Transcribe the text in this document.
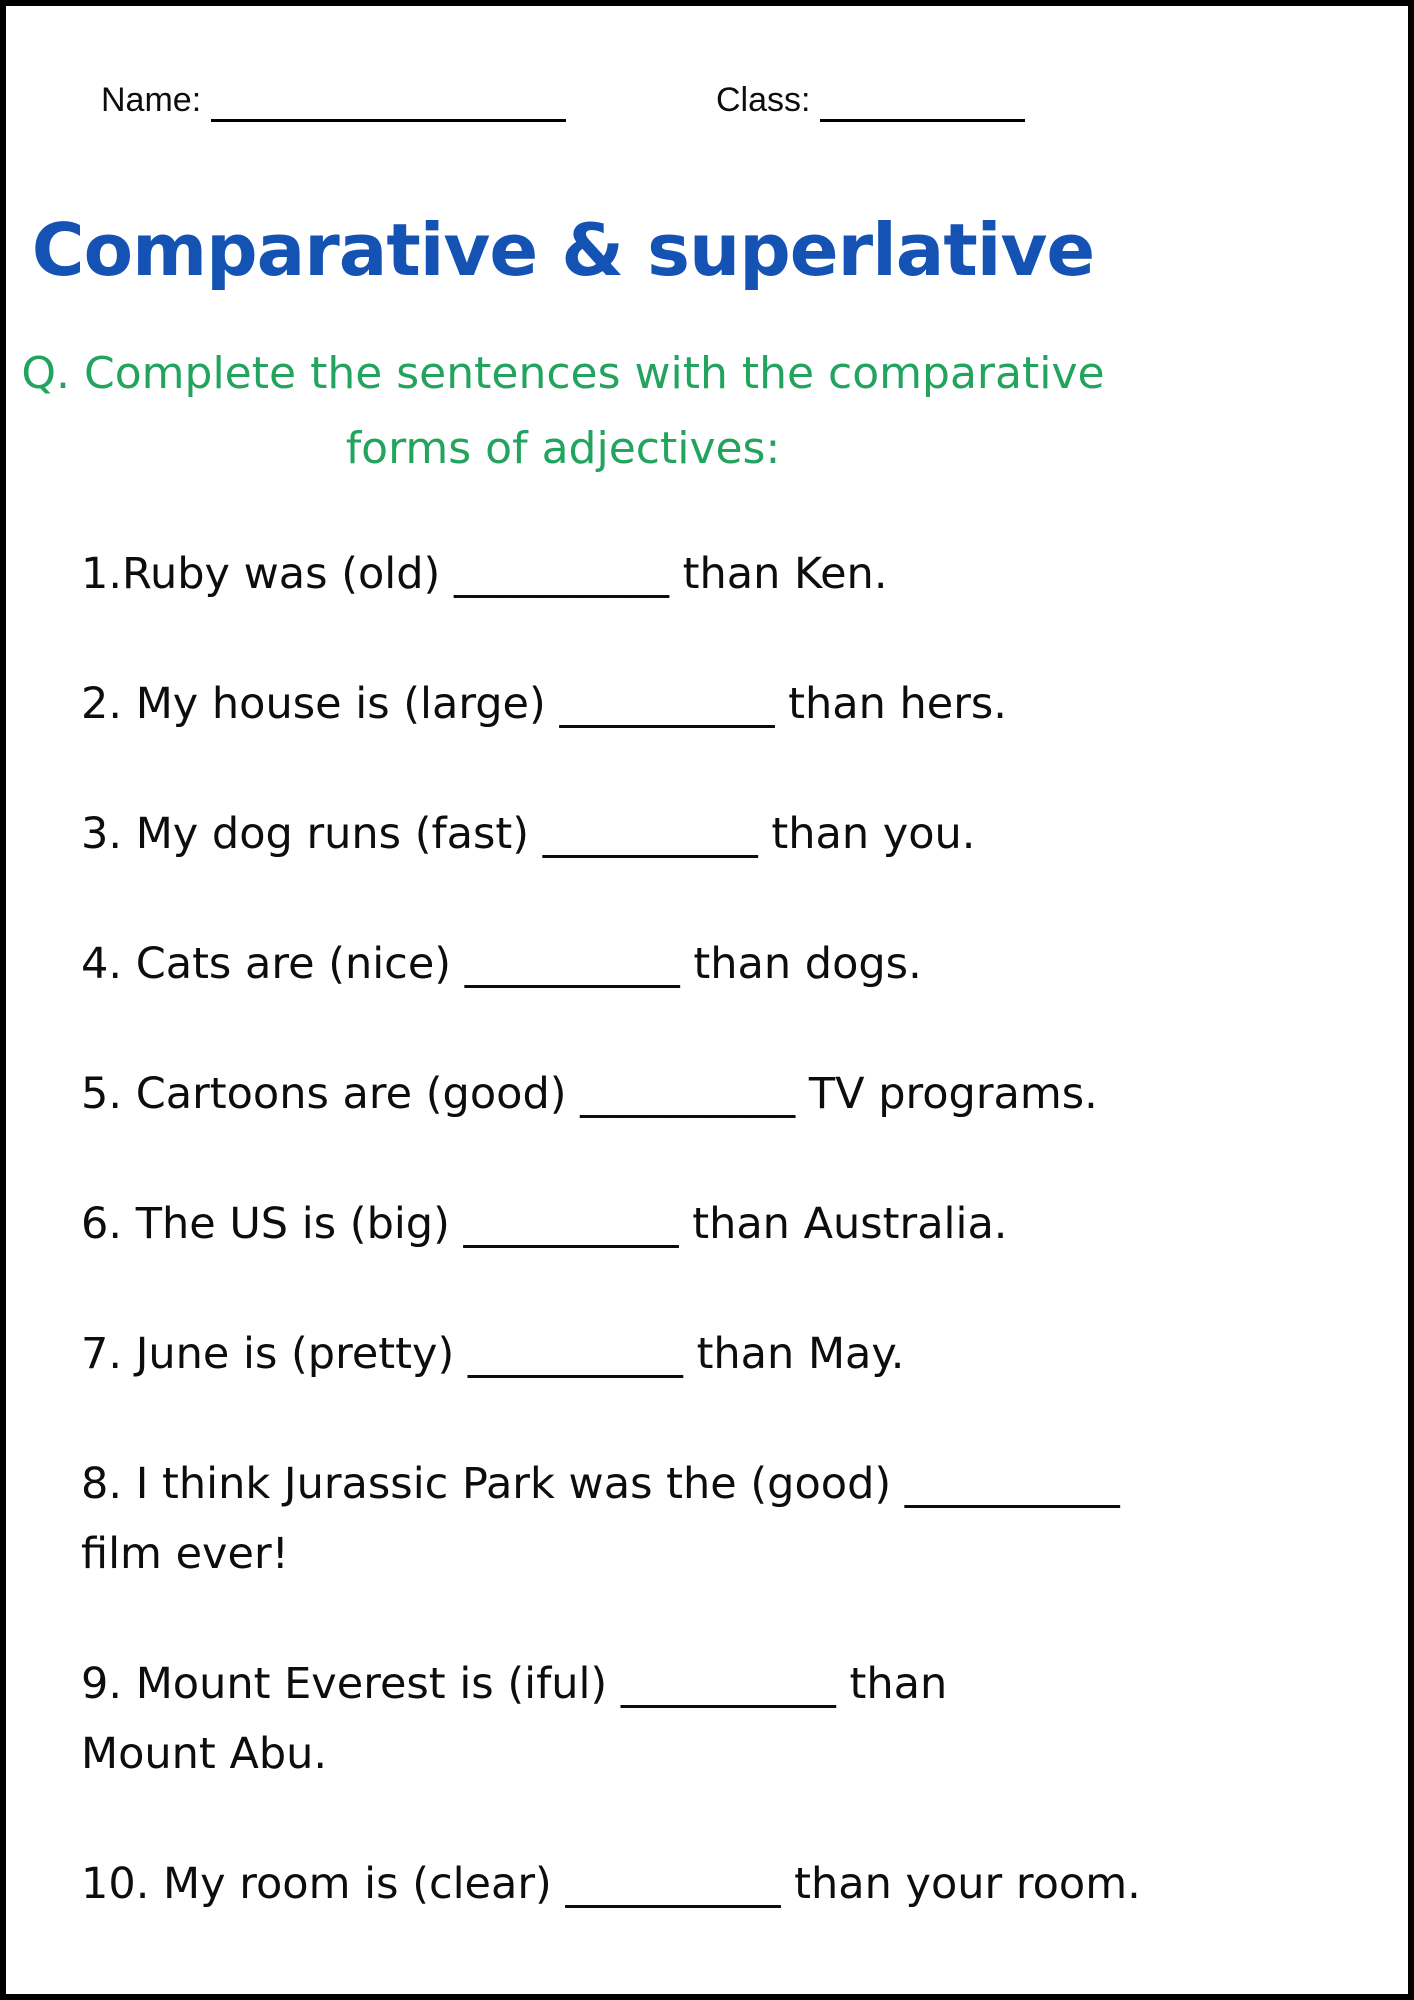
Name:	Class:
Comparative & superlative
Q. Complete the sentences with the comparative forms of adjectives:
1.Ruby was (old) __________ than Ken.
2. My house is (large) __________ than hers.
3. My dog runs (fast) __________ than you.
4. Cats are (nice) __________ than dogs.
5. Cartoons are (good) __________ TV programs.
6. The US is (big) __________ than Australia.
7. June is (pretty) __________ than May.
8. I think Jurassic Park was the (good) __________
film ever!
9. Mount Everest is (iful) __________ than
Mount Abu.
10. My room is (clear) __________ than your room.
